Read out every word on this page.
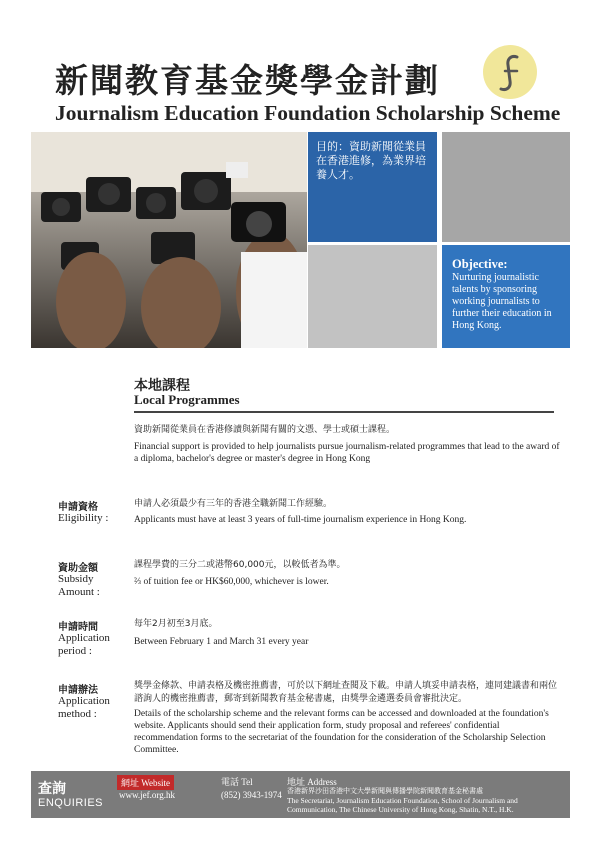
新聞教育基金獎學金計劃
Journalism Education Foundation Scholarship Scheme
目的：資助新聞從業員在香港進修，為業界培養人才。
Objective:
Nurturing journalistic talents by sponsoring working journalists to further their education in Hong Kong.
本地課程
Local Programmes
資助新聞從業員在香港修讀與新聞有關的文憑、學士或碩士課程。
Financial support is provided to help journalists pursue journalism-related programmes that lead to the award of a diploma, bachelor's degree or master's degree in Hong Kong
申請資格
Eligibility :
申請人必須最少有三年的香港全職新聞工作經驗。
Applicants must have at least 3 years of full-time journalism experience in Hong Kong.
資助金額
Subsidy Amount :
課程學費的三分二或港幣60,000元，以較低者為準。
⅔ of tuition fee or HK$60,000, whichever is lower.
申請時間
Application period :
每年2月初至3月底。
Between February 1 and March 31 every year
申請辦法
Application method :
獎學金條款、申請表格及機密推薦書，可於以下網址查閱及下載。申請人填妥申請表格，連同建議書和兩位諮詢人的機密推薦書，郵寄到新聞教育基金秘書處，由獎學金遴選委員會審批決定。
Details of the scholarship scheme and the relevant forms can be accessed and downloaded at the foundation's website. Applicants should send their application form, study proposal and referees' confidential recommendation forms to the secretariat of the foundation for the consideration of the Scholarship Selection Committee.
查詢
ENQUIRIES
網址 Website
www.jef.org.hk
電話 Tel
(852) 3943-1974
地址 Address
香港新界沙田香港中文大學新聞與傳播學院新聞教育基金秘書處
The Secretariat, Journalism Education Foundation, School of Journalism and Communication, The Chinese University of Hong Kong, Shatin, N.T., H.K.
